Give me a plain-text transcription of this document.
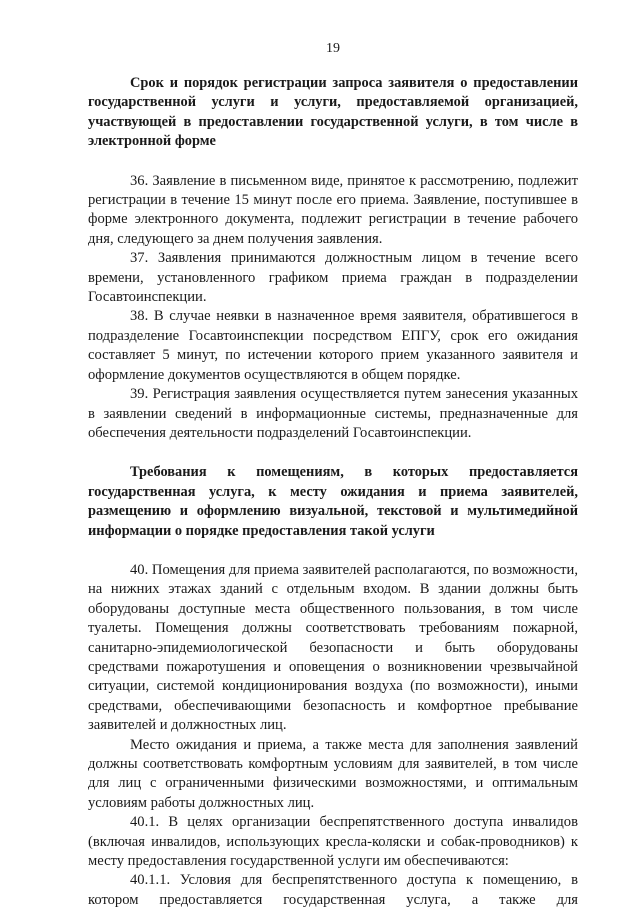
19

Срок и порядок регистрации запроса заявителя о предоставлении государственной услуги и услуги, предоставляемой организацией, участвующей в предоставлении государственной услуги, в том числе в электронной форме

36. Заявление в письменном виде, принятое к рассмотрению, подлежит регистрации в течение 15 минут после его приема. Заявление, поступившее в форме электронного документа, подлежит регистрации в течение рабочего дня, следующего за днем получения заявления.

37. Заявления принимаются должностным лицом в течение всего времени, установленного графиком приема граждан в подразделении Госавтоинспекции.

38. В случае неявки в назначенное время заявителя, обратившегося в подразделение Госавтоинспекции посредством ЕПГУ, срок его ожидания составляет 5 минут, по истечении которого прием указанного заявителя и оформление документов осуществляются в общем порядке.

39. Регистрация заявления осуществляется путем занесения указанных в заявлении сведений в информационные системы, предназначенные для обеспечения деятельности подразделений Госавтоинспекции.

Требования к помещениям, в которых предоставляется государственная услуга, к месту ожидания и приема заявителей, размещению и оформлению визуальной, текстовой и мультимедийной информации о порядке предоставления такой услуги

40. Помещения для приема заявителей располагаются, по возможности, на нижних этажах зданий с отдельным входом. В здании должны быть оборудованы доступные места общественного пользования, в том числе туалеты. Помещения должны соответствовать требованиям пожарной, санитарно-эпидемиологической безопасности и быть оборудованы средствами пожаротушения и оповещения о возникновении чрезвычайной ситуации, системой кондиционирования воздуха (по возможности), иными средствами, обеспечивающими безопасность и комфортное пребывание заявителей и должностных лиц.

Место ожидания и приема, а также места для заполнения заявлений должны соответствовать комфортным условиям для заявителей, в том числе для лиц с ограниченными физическими возможностями, и оптимальным условиям работы должностных лиц.

40.1. В целях организации беспрепятственного доступа инвалидов (включая инвалидов, использующих кресла-коляски и собак-проводников) к месту предоставления государственной услуги им обеспечиваются:

40.1.1. Условия для беспрепятственного доступа к помещению, в котором предоставляется государственная услуга, а также для
